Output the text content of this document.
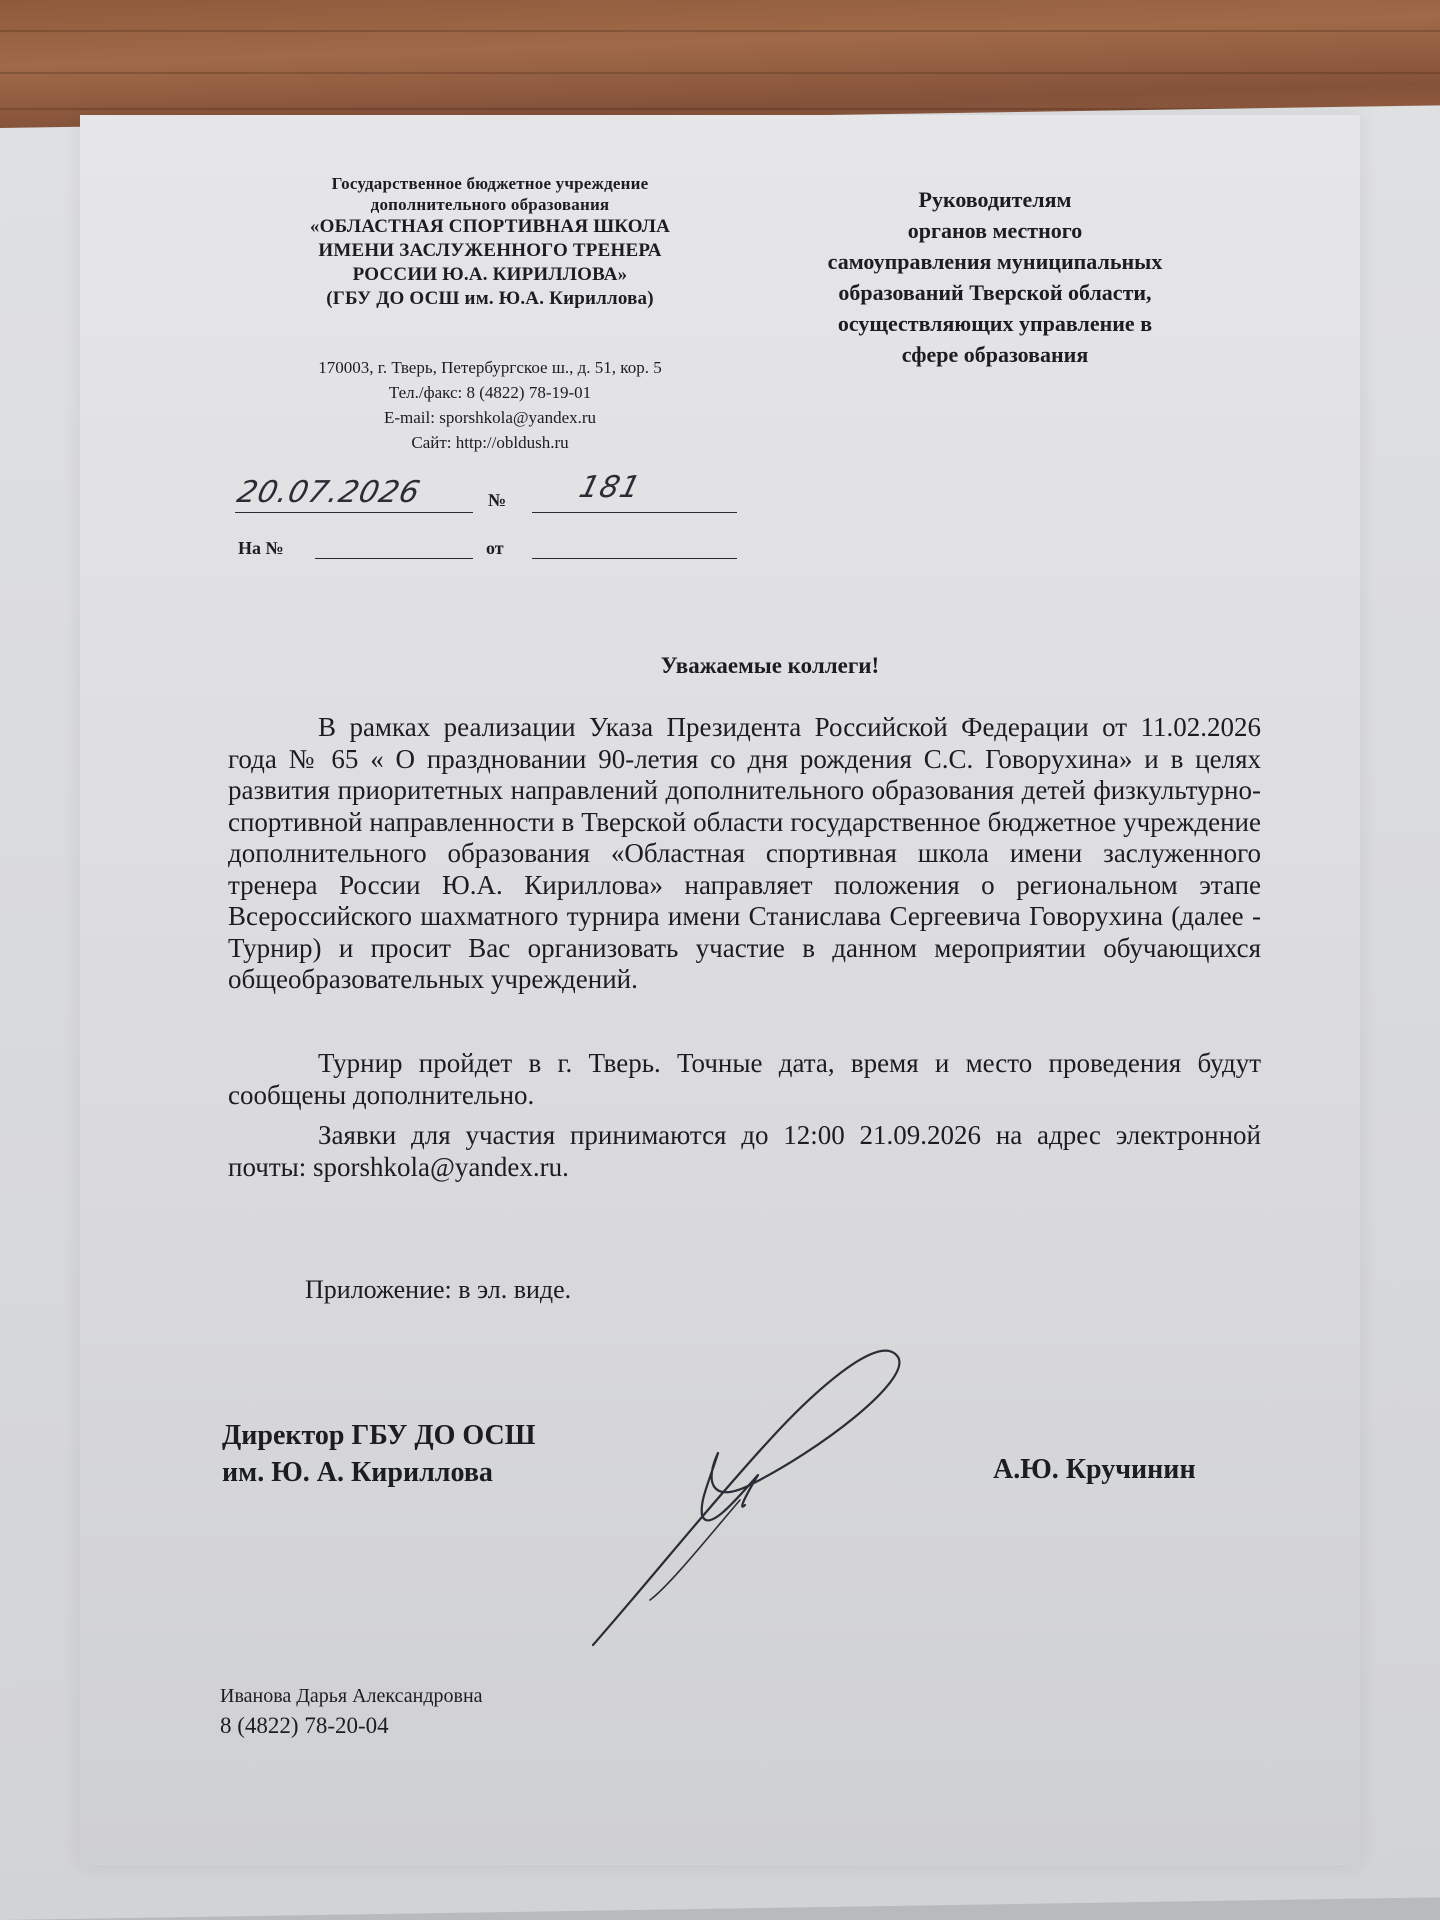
Государственное бюджетное учреждение
дополнительного образования
«ОБЛАСТНАЯ СПОРТИВНАЯ ШКОЛА
ИМЕНИ ЗАСЛУЖЕННОГО ТРЕНЕРА
РОССИИ Ю.А. КИРИЛЛОВА»
(ГБУ ДО ОСШ им. Ю.А. Кириллова)
170003, г. Тверь, Петербургское ш., д. 51, кор. 5
Тел./факс: 8 (4822) 78-19-01
E-mail: sporshkola@yandex.ru
Сайт: http://obldush.ru
Руководителям
органов местного
самоуправления муниципальных
образований Тверской области,
осуществляющих управление в
сфере образования
20.07.2026	№ 181
На №	от
Уважаемые коллеги!

В рамках реализации Указа Президента Российской Федерации от 11.02.2026 года № 65 « О праздновании 90-летия со дня рождения С.С. Говорухина» и в целях развития приоритетных направлений дополнительного образования детей физкультурно-спортивной направленности в Тверской области государственное бюджетное учреждение дополнительного образования «Областная спортивная школа имени заслуженного тренера России Ю.А. Кириллова» направляет положения о региональном этапе Всероссийского шахматного турнира имени Станислава Сергеевича Говорухина (далее - Турнир) и просит Вас организовать участие в данном мероприятии обучающихся общеобразовательных учреждений.

Турнир пройдет в г. Тверь. Точные дата, время и место проведения будут сообщены дополнительно.

Заявки для участия принимаются до 12:00 21.09.2026 на адрес электронной почты: sporshkola@yandex.ru.

Приложение: в эл. виде.
Директор ГБУ ДО ОСШ
им. Ю. А. Кириллова	А.Ю. Кручинин
Иванова Дарья Александровна
8 (4822) 78-20-04
